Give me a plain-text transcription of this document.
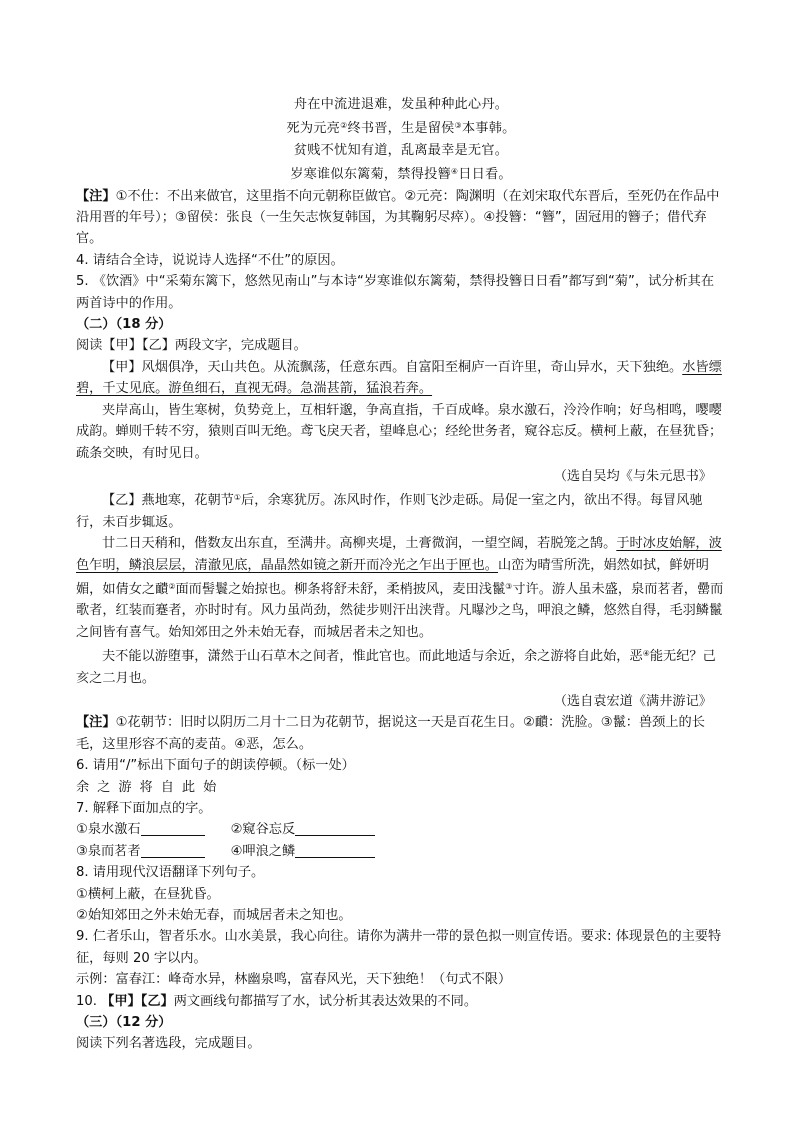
舟在中流进退难，发虽种种此心丹。

死为元亮②终书晋，生是留侯③本事韩。

贫贱不忧知有道，乱离最幸是无官。

岁寒谁似东篱菊，禁得投簪④日日看。

【注】①不仕：不出来做官，这里指不向元朝称臣做官。②元亮：陶渊明（在刘宋取代东晋后，至死仍在作品中沿用晋的年号）；③留侯：张良（一生矢志恢复韩国，为其鞠躬尽瘁）。④投簪：“簪”，固冠用的簪子；借代弃官。

4. 请结合全诗，说说诗人选择“不仕”的原因。

5. 《饮酒》中“采菊东篱下，悠然见南山”与本诗“岁寒谁似东篱菊，禁得投簪日日看”都写到“菊”，试分析其在两首诗中的作用。

（二）（18 分）

阅读【甲】【乙】两段文字，完成题目。

【甲】风烟俱净，天山共色。从流飘荡，任意东西。自富阳至桐庐一百许里，奇山异水，天下独绝。水皆缥碧，千丈见底。游鱼细石，直视无碍。急湍甚箭，猛浪若奔。

夹岸高山，皆生寒树，负势竞上，互相轩邈，争高直指，千百成峰。泉水激石，泠泠作响；好鸟相鸣，嘤嘤成韵。蝉则千转不穷，猿则百叫无绝。鸢飞戾天者，望峰息心；经纶世务者，窥谷忘反。横柯上蔽，在昼犹昏；疏条交映，有时见日。

（选自吴均《与朱元思书》

【乙】燕地寒，花朝节①后，余寒犹厉。冻风时作，作则飞沙走砾。局促一室之内，欲出不得。每冒风驰行，未百步辄返。

廿二日天稍和，偕数友出东直，至满井。高柳夹堤，土膏微润，一望空阔，若脱笼之鹄。于时冰皮始解，波色乍明，鳞浪层层，清澈见底，晶晶然如镜之新开而冷光之乍出于匣也。山峦为晴雪所洗，娟然如拭，鲜妍明媚，如倩女之靧②面而髻鬟之始掠也。柳条将舒未舒，柔梢披风，麦田浅鬣③寸许。游人虽未盛，泉而茗者，罍而歌者，红装而蹇者，亦时时有。风力虽尚劲，然徒步则汗出浃背。凡曝沙之鸟，呷浪之鳞，悠然自得，毛羽鳞鬣之间皆有喜气。始知郊田之外未始无春，而城居者未之知也。

夫不能以游堕事，潇然于山石草木之间者，惟此官也。而此地适与余近，余之游将自此始，恶④能无纪？己亥之二月也。

（选自袁宏道《满井游记》

【注】①花朝节：旧时以阴历二月十二日为花朝节，据说这一天是百花生日。②靧：洗脸。③鬣：兽颈上的长毛，这里形容不高的麦苗。④恶，怎么。

6. 请用“/”标出下面句子的朗读停顿。（标一处）

余之游将自此始

7. 解释下面加点的字。

①泉水激石	②窥谷忘反

③泉而茗者	④呷浪之鳞

8. 请用现代汉语翻译下列句子。

①横柯上蔽，在昼犹昏。

②始知郊田之外未始无春，而城居者未之知也。

9. 仁者乐山，智者乐水。山水美景，我心向往。请你为满井一带的景色拟一则宣传语。要求: 体现景色的主要特征，每则 20 字以内。

示例：富春江：峰奇水异，林幽泉鸣，富春风光，天下独绝！（句式不限）

10. 【甲】【乙】两文画线句都描写了水，试分析其表达效果的不同。

（三）（12 分）

阅读下列名著选段，完成题目。
